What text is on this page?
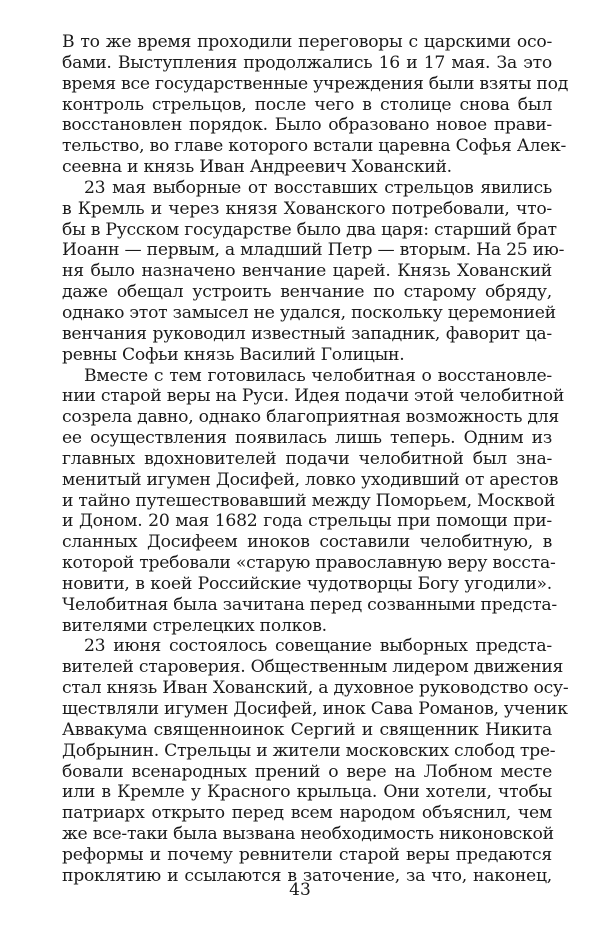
В то же время проходили переговоры с царскими осо-
бами. Выступления продолжались 16 и 17 мая. За это
время все государственные учреждения были взяты под
контроль стрельцов, после чего в столице снова был
восстановлен порядок. Было образовано новое прави-
тельство, во главе которого встали царевна Софья Алек-
сеевна и князь Иван Андреевич Хованский.
23 мая выборные от восставших стрельцов явились
в Кремль и через князя Хованского потребовали, что-
бы в Русском государстве было два царя: старший брат
Иоанн — первым, а младший Петр — вторым. На 25 ию-
ня было назначено венчание царей. Князь Хованский
даже обещал устроить венчание по старому обряду,
однако этот замысел не удался, поскольку церемонией
венчания руководил известный западник, фаворит ца-
ревны Софьи князь Василий Голицын.
Вместе с тем готовилась челобитная о восстановле-
нии старой веры на Руси. Идея подачи этой челобитной
созрела давно, однако благоприятная возможность для
ее осуществления появилась лишь теперь. Одним из
главных вдохновителей подачи челобитной был зна-
менитый игумен Досифей, ловко уходивший от арестов
и тайно путешествовавший между Поморьем, Москвой
и Доном. 20 мая 1682 года стрельцы при помощи при-
сланных Досифеем иноков составили челобитную, в
которой требовали «старую православную веру восста-
новити, в коей Российские чудотворцы Богу угодили».
Челобитная была зачитана перед созванными предста-
вителями стрелецких полков.
23 июня состоялось совещание выборных предста-
вителей староверия. Общественным лидером движения
стал князь Иван Хованский, а духовное руководство осу-
ществляли игумен Досифей, инок Сава Романов, ученик
Аввакума священноинок Сергий и священник Никита
Добрынин. Стрельцы и жители московских слобод тре-
бовали всенародных прений о вере на Лобном месте
или в Кремле у Красного крыльца. Они хотели, чтобы
патриарх открыто перед всем народом объяснил, чем
же все-таки была вызвана необходимость никоновской
реформы и почему ревнители старой веры предаются
проклятию и ссылаются в заточение, за что, наконец,
43
